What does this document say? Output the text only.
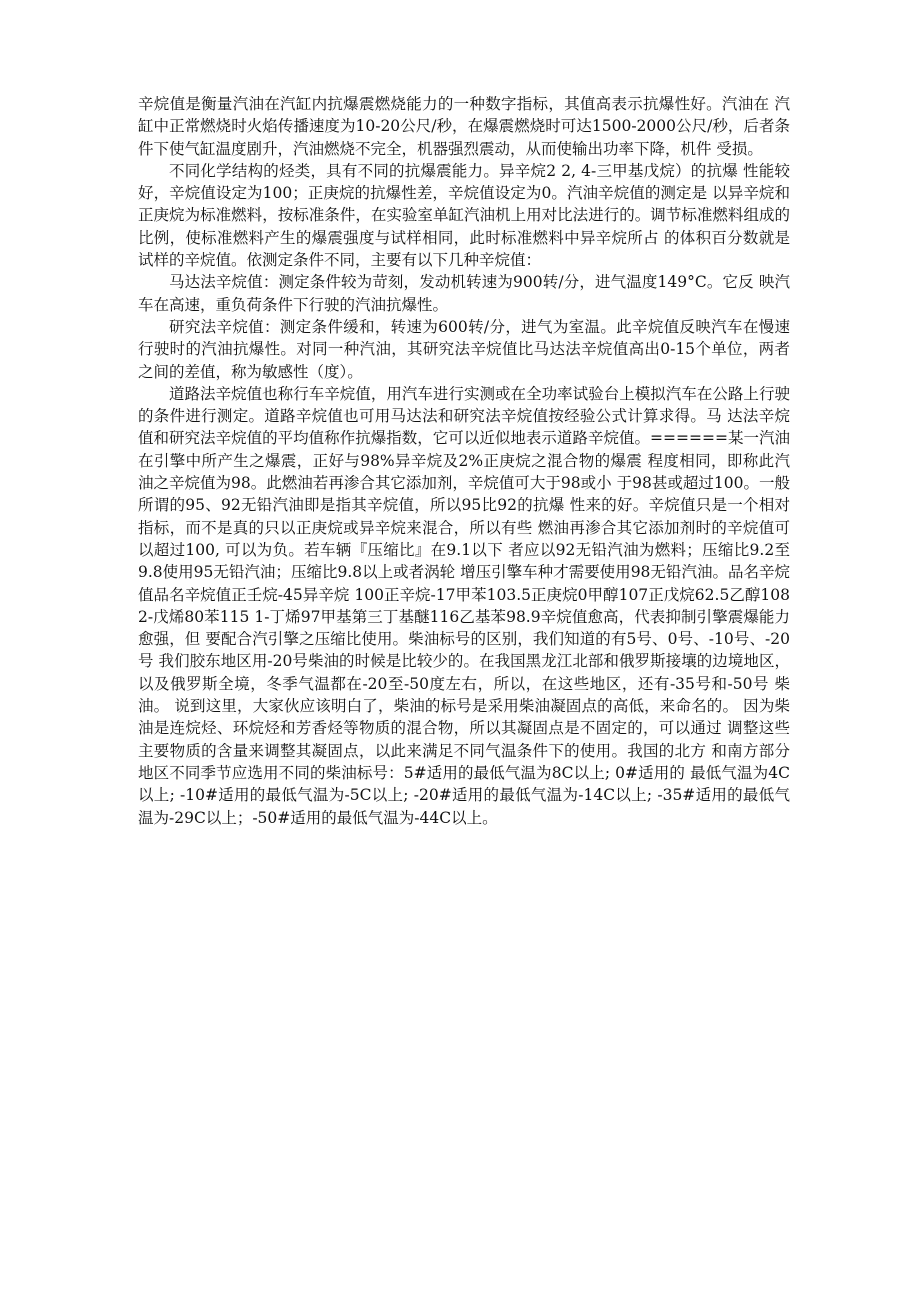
辛烷值是衡量汽油在汽缸内抗爆震燃烧能力的一种数字指标，其值高表示抗爆性好。汽油在 汽缸中正常燃烧时火焰传播速度为10-20公尺/秒，在爆震燃烧时可达1500-2000公尺/秒，后者条件下使气缸温度剧升，汽油燃烧不完全，机器强烈震动，从而使输出功率下降，机件 受损。

不同化学结构的烃类，具有不同的抗爆震能力。异辛烷2 2, 4-三甲基戊烷）的抗爆 性能较好，辛烷值设定为100；正庚烷的抗爆性差，辛烷值设定为0。汽油辛烷值的测定是 以异辛烷和正庚烷为标准燃料，按标准条件，在实验室单缸汽油机上用对比法进行的。调节标准燃料组成的比例，使标准燃料产生的爆震强度与试样相同，此时标准燃料中异辛烷所占 的体积百分数就是试样的辛烷值。依测定条件不同，主要有以下几种辛烷值：

马达法辛烷值：测定条件较为苛刻，发动机转速为900转/分，进气温度149°C。它反 映汽车在高速，重负荷条件下行驶的汽油抗爆性。

研究法辛烷值：测定条件缓和，转速为600转/分，进气为室温。此辛烷值反映汽车在慢速行驶时的汽油抗爆性。对同一种汽油，其研究法辛烷值比马达法辛烷值高出0-15个单位，两者之间的差值，称为敏感性（度）。

道路法辛烷值也称行车辛烷值，用汽车进行实测或在全功率试验台上模拟汽车在公路上行驶的条件进行测定。道路辛烷值也可用马达法和研究法辛烷值按经验公式计算求得。马 达法辛烷值和研究法辛烷值的平均值称作抗爆指数，它可以近似地表示道路辛烷值。======某一汽油在引擎中所产生之爆震，正好与98%异辛烷及2%正庚烷之混合物的爆震 程度相同，即称此汽油之辛烷值为98。此燃油若再渗合其它添加剂，辛烷值可大于98或小 于98甚或超过100。一般所谓的95、92无铅汽油即是指其辛烷值，所以95比92的抗爆 性来的好。辛烷值只是一个相对指标，而不是真的只以正庚烷或异辛烷来混合，所以有些 燃油再渗合其它添加剂时的辛烷值可以超过100, 可以为负。若车辆『压缩比』在9.1以下 者应以92无铅汽油为燃料；压缩比9.2至9.8使用95无铅汽油；压缩比9.8以上或者涡轮 增压引擎车种才需要使用98无铅汽油。品名辛烷值品名辛烷值正壬烷-45异辛烷 100正辛烷-17甲苯103.5正庚烷0甲醇107正戊烷62.5乙醇108 2-戊烯80苯115 1-丁烯97甲基第三丁基醚116乙基苯98.9辛烷值愈高，代表抑制引擎震爆能力愈强，但 要配合汽引擎之压缩比使用。柴油标号的区别，我们知道的有5号、0号、-10号、-20号 我们胶东地区用-20号柴油的时候是比较少的。在我国黑龙江北部和俄罗斯接壤的边境地区， 以及俄罗斯全境，冬季气温都在-20至-50度左右，所以，在这些地区，还有-35号和-50号 柴油。 说到这里，大家伙应该明白了，柴油的标号是采用柴油凝固点的高低，来命名的。 因为柴油是连烷烃、环烷烃和芳香烃等物质的混合物，所以其凝固点是不固定的，可以通过 调整这些主要物质的含量来调整其凝固点，以此来满足不同气温条件下的使用。我国的北方 和南方部分地区不同季节应选用不同的柴油标号：5#适用的最低气温为8C以上; 0#适用的 最低气温为4C以上; -10#适用的最低气温为-5C以上; -20#适用的最低气温为-14C以上; -35#适用的最低气温为-29C以上；-50#适用的最低气温为-44C以上。
